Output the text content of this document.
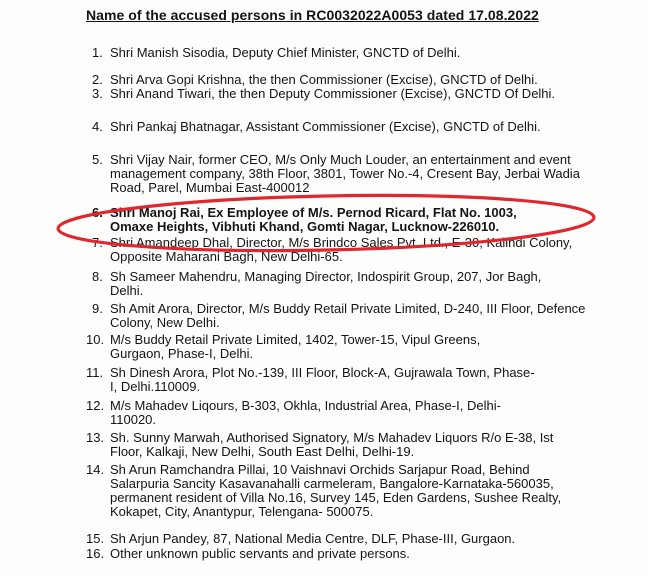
Name of the accused persons in RC0032022A0053 dated 17.08.2022
1. Shri Manish Sisodia, Deputy Chief Minister, GNCTD of Delhi.
2. Shri Arva Gopi Krishna, the then Commissioner (Excise), GNCTD of Delhi.
3. Shri Anand Tiwari, the then Deputy Commissioner (Excise), GNCTD Of Delhi.
4. Shri Pankaj Bhatnagar, Assistant Commissioner (Excise), GNCTD of Delhi.
5. Shri Vijay Nair, former CEO, M/s Only Much Louder, an entertainment and event management company, 38th Floor, 3801, Tower No.-4, Cresent Bay, Jerbai Wadia Road, Parel, Mumbai East-400012
6. Shri Manoj Rai, Ex Employee of M/s. Pernod Ricard, Flat No. 1003, Omaxe Heights, Vibhuti Khand, Gomti Nagar, Lucknow-226010.
7. Shri Amandeep Dhal, Director, M/s Brindco Sales Pvt. Ltd., E-30, Kalindi Colony, Opposite Maharani Bagh, New Delhi-65.
8. Sh Sameer Mahendru, Managing Director, Indospirit Group, 207, Jor Bagh, Delhi.
9. Sh Amit Arora, Director, M/s Buddy Retail Private Limited, D-240, III Floor, Defence Colony, New Delhi.
10. M/s Buddy Retail Private Limited, 1402, Tower-15, Vipul Greens, Gurgaon, Phase-I, Delhi.
11. Sh Dinesh Arora, Plot No.-139, III Floor, Block-A, Gujrawala Town, Phase-I, Delhi.110009.
12. M/s Mahadev Liqours, B-303, Okhla, Industrial Area, Phase-I, Delhi-110020.
13. Sh. Sunny Marwah, Authorised Signatory, M/s Mahadev Liquors R/o E-38, Ist Floor, Kalkaji, New Delhi, South East Delhi, Delhi-19.
14. Sh Arun Ramchandra Pillai, 10 Vaishnavi Orchids Sarjapur Road, Behind Salarpuria Sancity Kasavanahalli carmeleram, Bangalore-Karnataka-560035, permanent resident of Villa No.16, Survey 145, Eden Gardens, Sushee Realty, Kokapet, City, Anantypur, Telengana- 500075.
15. Sh Arjun Pandey, 87, National Media Centre, DLF, Phase-III, Gurgaon.
16. Other unknown public servants and private persons.
